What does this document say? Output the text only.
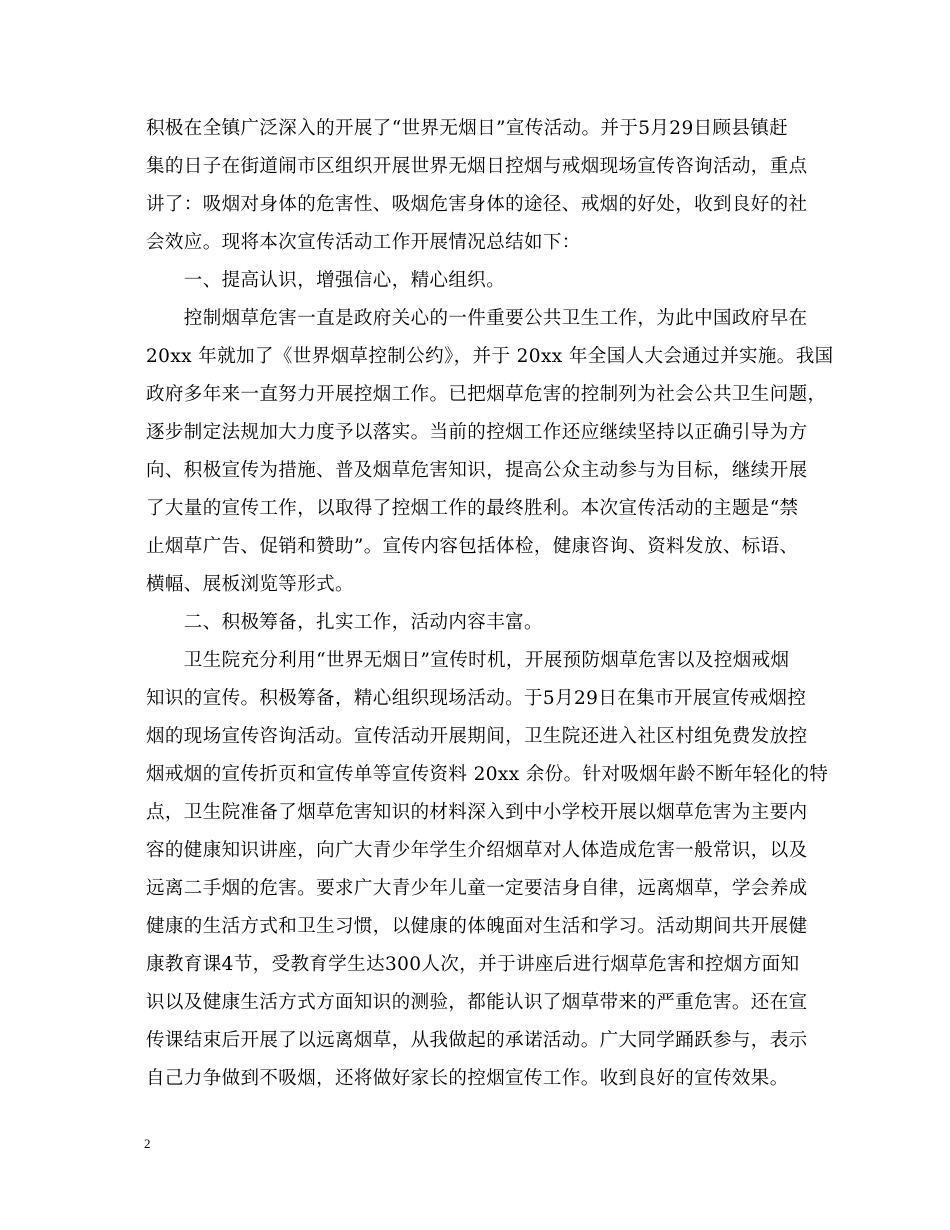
积极在全镇广泛深入的开展了“世界无烟日”宣传活动。并于5月29日顾县镇赶
集的日子在街道闹市区组织开展世界无烟日控烟与戒烟现场宣传咨询活动，重点
讲了：吸烟对身体的危害性、吸烟危害身体的途径、戒烟的好处，收到良好的社
会效应。现将本次宣传活动工作开展情况总结如下：
　　一、提高认识，增强信心，精心组织。
　　控制烟草危害一直是政府关心的一件重要公共卫生工作，为此中国政府早在
20xx 年就加了《世界烟草控制公约》，并于 20xx 年全国人大会通过并实施。我国
政府多年来一直努力开展控烟工作。已把烟草危害的控制列为社会公共卫生问题，
逐步制定法规加大力度予以落实。当前的控烟工作还应继续坚持以正确引导为方
向、积极宣传为措施、普及烟草危害知识，提高公众主动参与为目标，继续开展
了大量的宣传工作，以取得了控烟工作的最终胜利。本次宣传活动的主题是“禁
止烟草广告、促销和赞助”。宣传内容包括体检，健康咨询、资料发放、标语、
横幅、展板浏览等形式。
　　二、积极筹备，扎实工作，活动内容丰富。
　　卫生院充分利用“世界无烟日”宣传时机，开展预防烟草危害以及控烟戒烟
知识的宣传。积极筹备，精心组织现场活动。于5月29日在集市开展宣传戒烟控
烟的现场宣传咨询活动。宣传活动开展期间，卫生院还进入社区村组免费发放控
烟戒烟的宣传折页和宣传单等宣传资料 20xx 余份。针对吸烟年龄不断年轻化的特
点，卫生院准备了烟草危害知识的材料深入到中小学校开展以烟草危害为主要内
容的健康知识讲座，向广大青少年学生介绍烟草对人体造成危害一般常识，以及
远离二手烟的危害。要求广大青少年儿童一定要洁身自律，远离烟草，学会养成
健康的生活方式和卫生习惯，以健康的体魄面对生活和学习。活动期间共开展健
康教育课4节，受教育学生达300人次，并于讲座后进行烟草危害和控烟方面知
识以及健康生活方式方面知识的测验，都能认识了烟草带来的严重危害。还在宣
传课结束后开展了以远离烟草，从我做起的承诺活动。广大同学踊跃参与，表示
自己力争做到不吸烟，还将做好家长的控烟宣传工作。收到良好的宣传效果。
2
